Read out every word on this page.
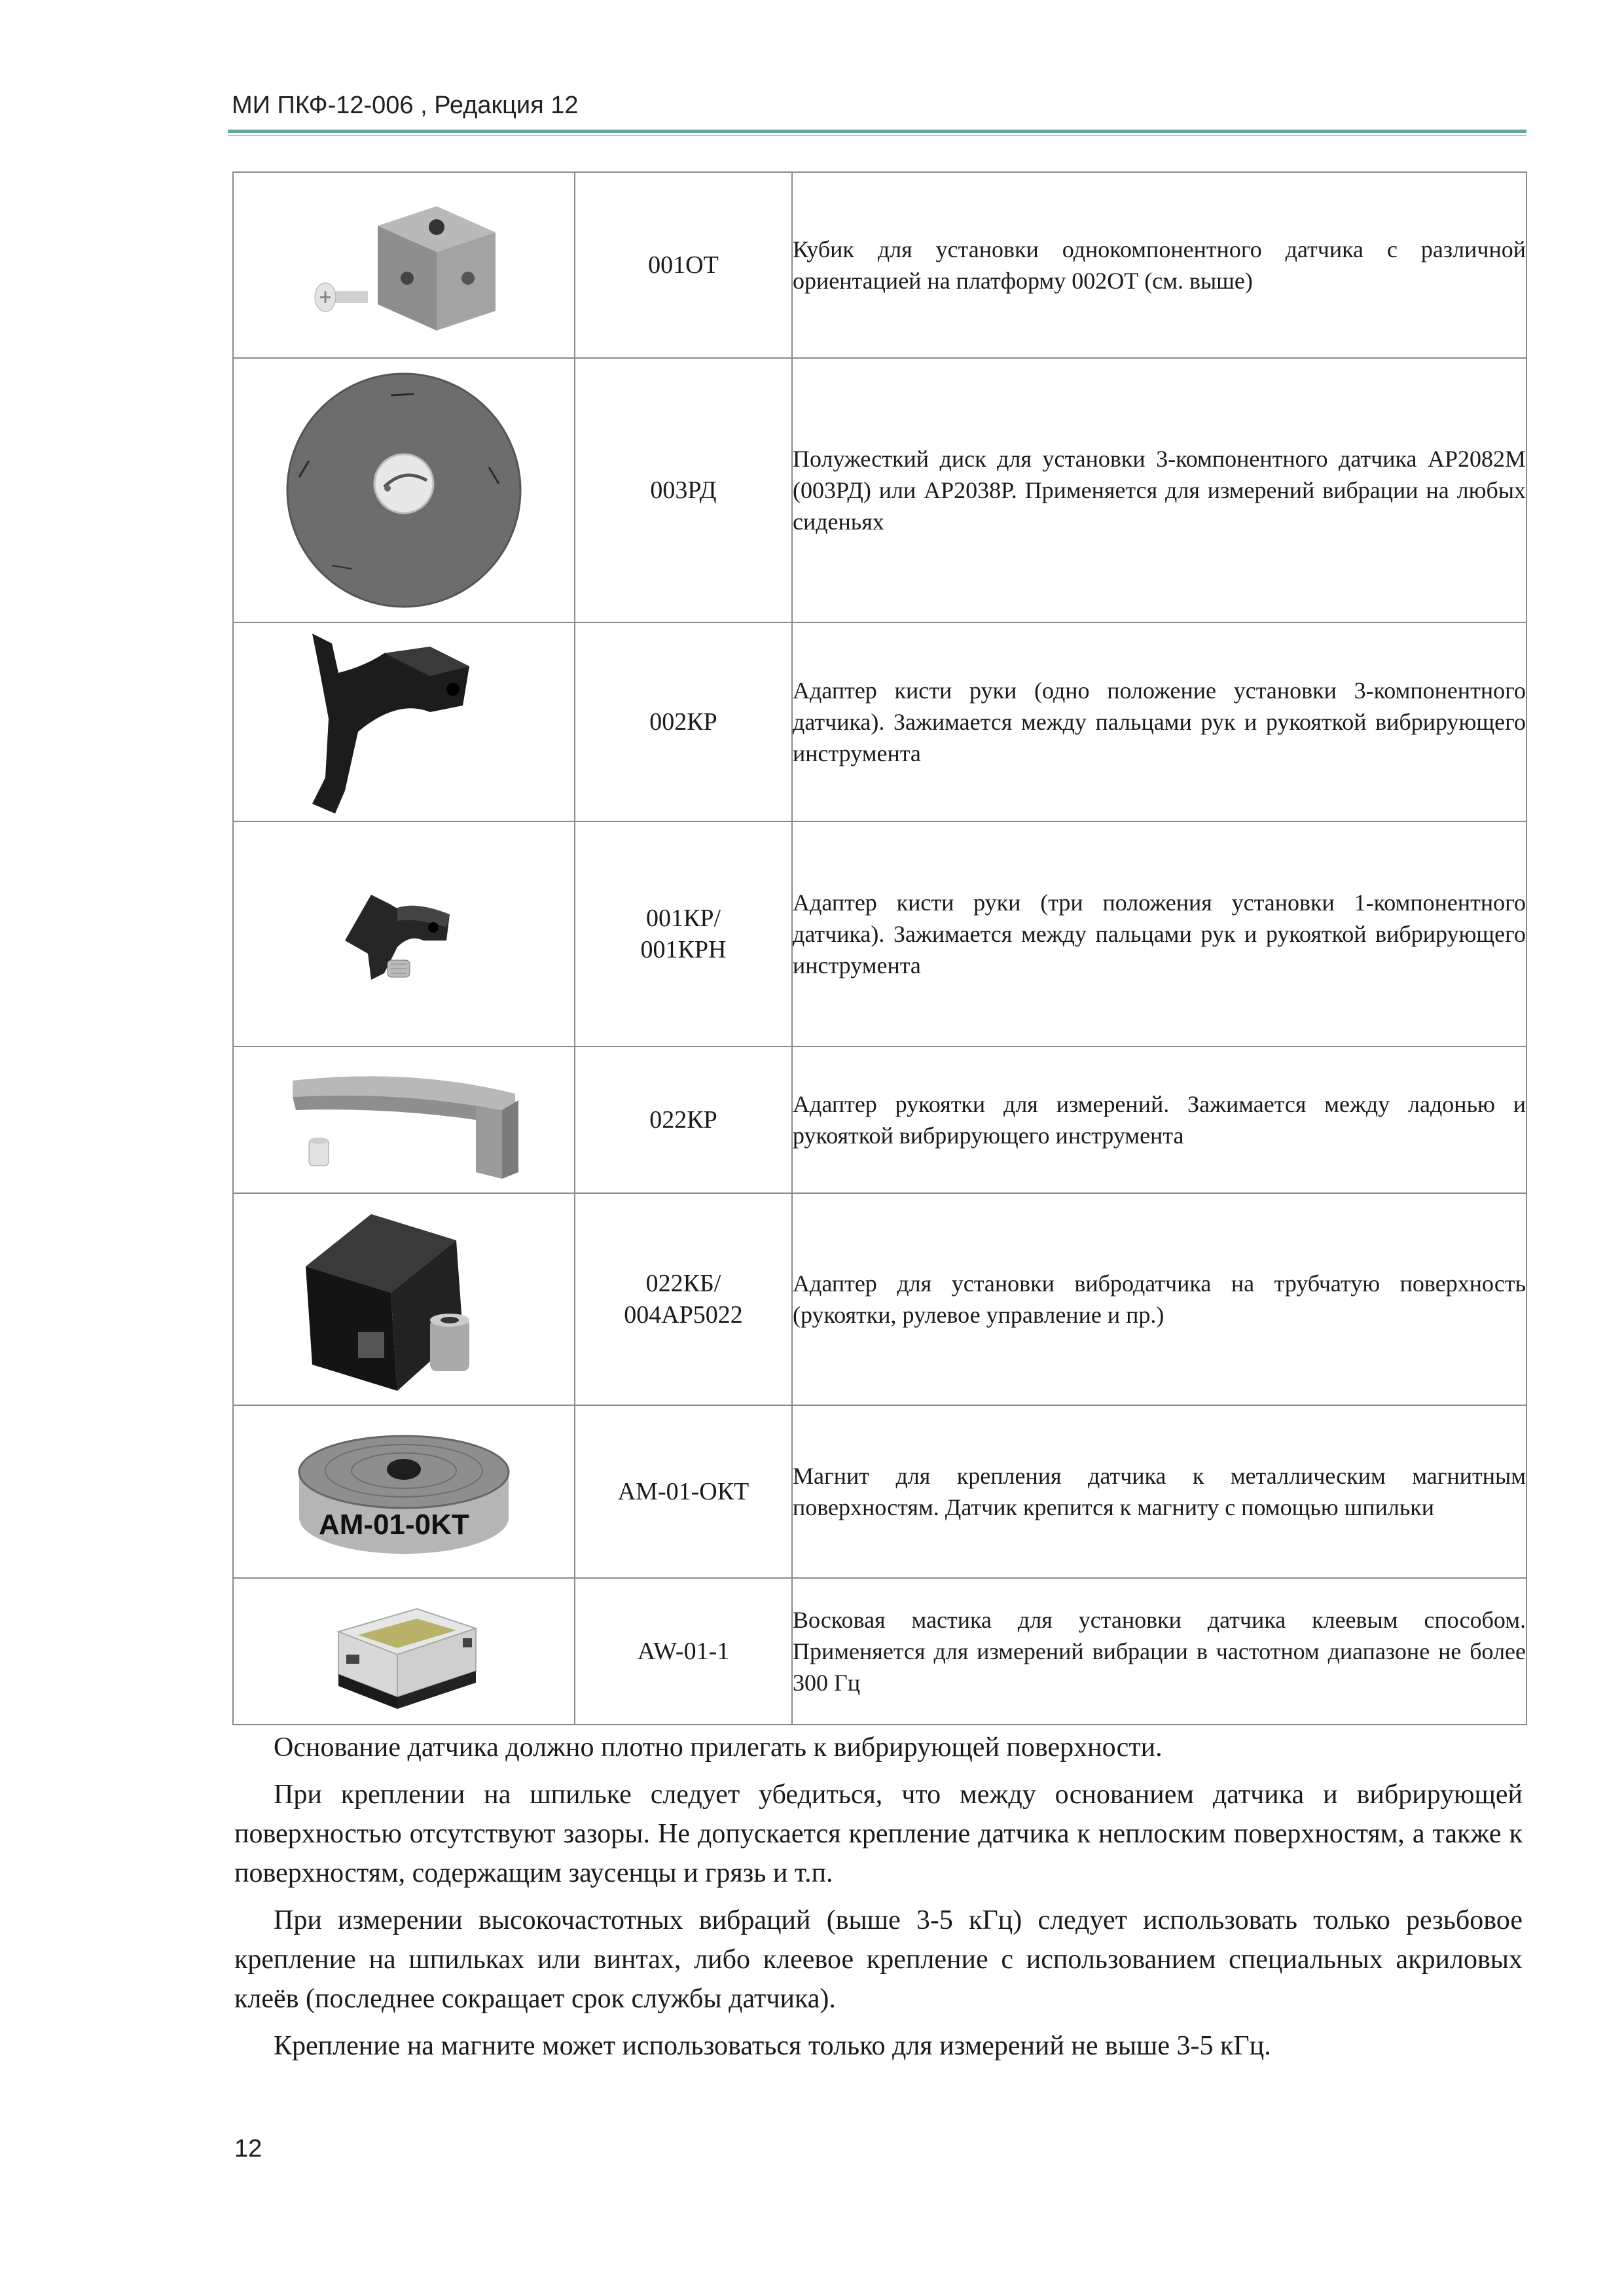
МИ ПКФ-12-006 , Редакция 12

001ОТ	Кубик для установки однокомпонентного датчика с различной ориентацией на платформу 002ОТ (см. выше)

003РД	Полужесткий диск для установки 3-компонентного датчика АР2082М (003РД) или АР2038Р. Применяется для измерений вибрации на любых сиденьях

002КР	Адаптер кисти руки (одно положение установки 3-компонентного датчика). Зажимается между пальцами рук и рукояткой вибрирующего инструмента

001КР/
001КРН	Адаптер кисти руки (три положения установки 1-компонентного датчика). Зажимается между пальцами рук и рукояткой вибрирующего инструмента

022КР	Адаптер рукоятки для измерений. Зажимается между ладонью и рукояткой вибрирующего инструмента

022КБ/
004АР5022	Адаптер для установки вибродатчика на трубчатую поверхность (рукоятки, рулевое управление и пр.)

AM-01-0KT	АМ-01-ОКТ	Магнит для крепления датчика к металлическим магнитным поверхностям. Датчик крепится к магниту с помощью шпильки

AW-01-1	Восковая мастика для установки датчика клеевым способом. Применяется для измерений вибрации в частотном диапазоне не более 300 Гц

Основание датчика должно плотно прилегать к вибрирующей поверхности.

При креплении на шпильке следует убедиться, что между основанием датчика и вибрирующей поверхностью отсутствуют зазоры. Не допускается крепление датчика к неплоским поверхностям, а также к поверхностям, содержащим заусенцы и грязь и т.п.

При измерении высокочастотных вибраций (выше 3-5 кГц) следует использовать только резьбовое крепление на шпильках или винтах, либо клеевое крепление с использованием специальных акриловых клеёв (последнее сокращает срок службы датчика).

Крепление на магните может использоваться только для измерений не выше 3-5 кГц.

12
